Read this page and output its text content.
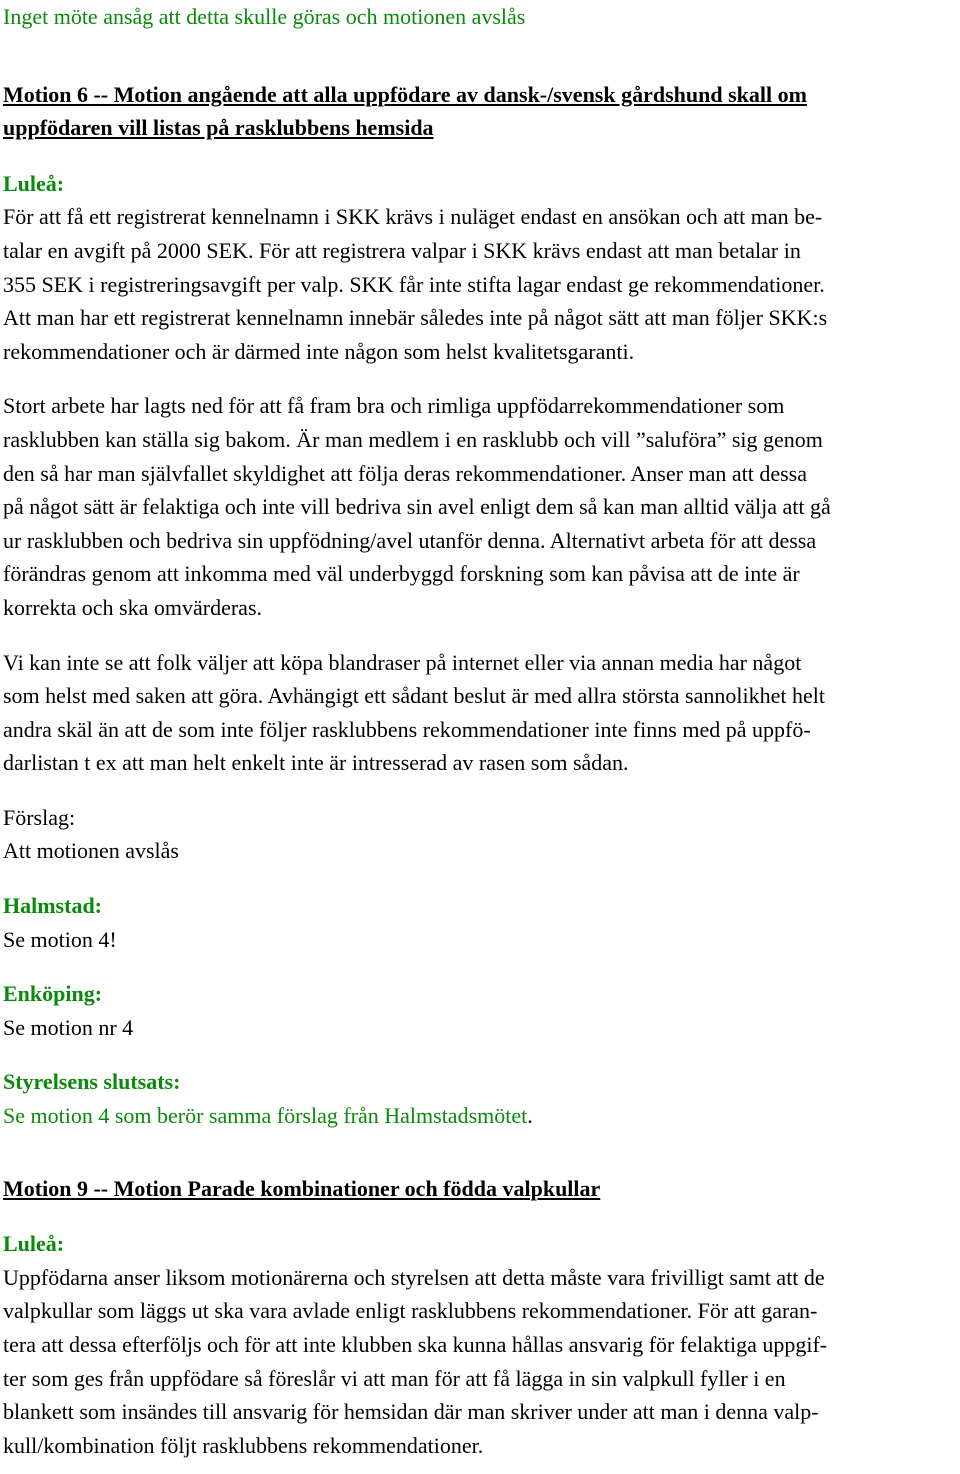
Inget möte ansåg att detta skulle göras och motionen avslås
Motion 6 -- Motion angående att alla uppfödare av dansk-/svensk gårdshund skall om
uppfödaren vill listas på rasklubbens hemsida
Luleå:
För att få ett registrerat kennelnamn i SKK krävs i nuläget endast en ansökan och att man be-
talar en avgift på 2000 SEK. För att registrera valpar i SKK krävs endast att man betalar in
355 SEK i registreringsavgift per valp. SKK får inte stifta lagar endast ge rekommendationer.
Att man har ett registrerat kennelnamn innebär således inte på något sätt att man följer SKK:s
rekommendationer och är därmed inte någon som helst kvalitetsgaranti.
Stort arbete har lagts ned för att få fram bra och rimliga uppfödarrekommendationer som
rasklubben kan ställa sig bakom. Är man medlem i en rasklubb och vill ”saluföra” sig genom
den så har man självfallet skyldighet att följa deras rekommendationer. Anser man att dessa
på något sätt är felaktiga och inte vill bedriva sin avel enligt dem så kan man alltid välja att gå
ur rasklubben och bedriva sin uppfödning/avel utanför denna. Alternativt arbeta för att dessa
förändras genom att inkomma med väl underbyggd forskning som kan påvisa att de inte är
korrekta och ska omvärderas.
Vi kan inte se att folk väljer att köpa blandraser på internet eller via annan media har något
som helst med saken att göra. Avhängigt ett sådant beslut är med allra största sannolikhet helt
andra skäl än att de som inte följer rasklubbens rekommendationer inte finns med på uppfö-
darlistan t ex att man helt enkelt inte är intresserad av rasen som sådan.
Förslag:
Att motionen avslås
Halmstad:
Se motion 4!
Enköping:
Se motion nr 4
Styrelsens slutsats:
Se motion 4 som berör samma förslag från Halmstadsmötet.
Motion 9 -- Motion Parade kombinationer och födda valpkullar
Luleå:
Uppfödarna anser liksom motionärerna och styrelsen att detta måste vara frivilligt samt att de
valpkullar som läggs ut ska vara avlade enligt rasklubbens rekommendationer. För att garan-
tera att dessa efterföljs och för att inte klubben ska kunna hållas ansvarig för felaktiga uppgif-
ter som ges från uppfödare så föreslår vi att man för att få lägga in sin valpkull fyller i en
blankett som insändes till ansvarig för hemsidan där man skriver under att man i denna valp-
kull/kombination följt rasklubbens rekommendationer.
